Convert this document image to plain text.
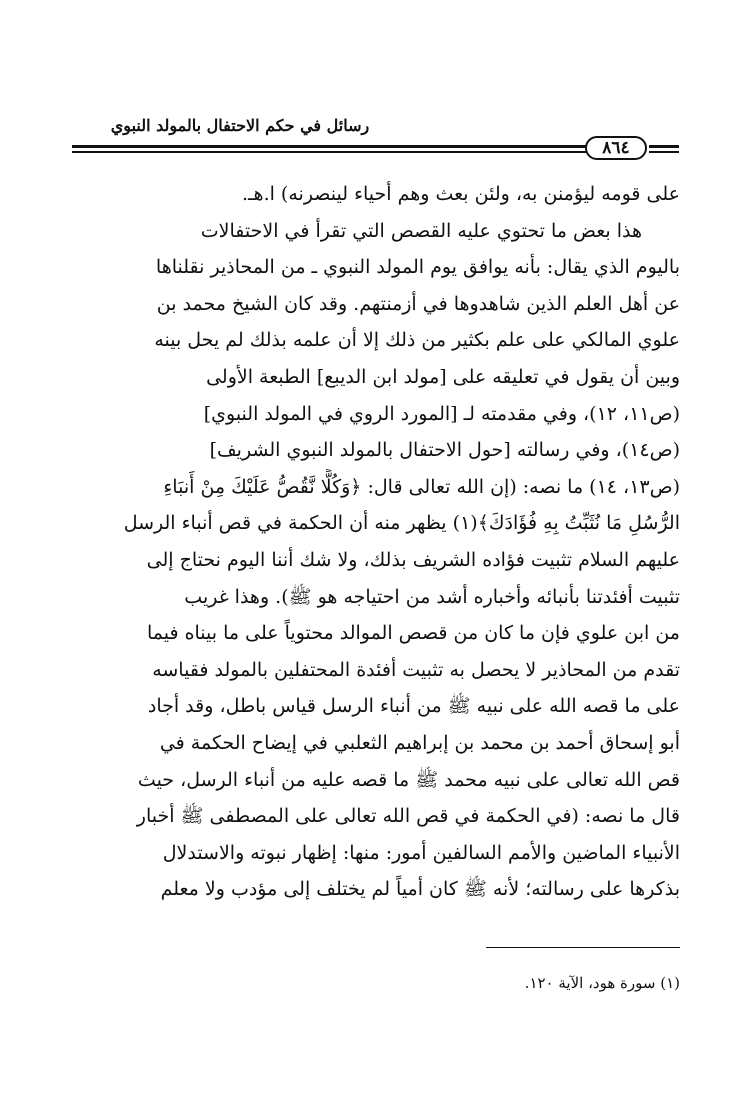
رسائل في حكم الاحتفال بالمولد النبوي
٨٦٤
على قومه ليؤمنن به، ولئن بعث وهم أحياء لينصرنه) ا.هـ.
هذا بعض ما تحتوي عليه القصص التي تقرأ في الاحتفالات
باليوم الذي يقال: بأنه يوافق يوم المولد النبوي ـ من المحاذير نقلناها
عن أهل العلم الذين شاهدوها في أزمنتهم. وقد كان الشيخ محمد بن
علوي المالكي على علم بكثير من ذلك إلا أن علمه بذلك لم يحل بينه
وبين أن يقول في تعليقه على [مولد ابن الديبع] الطبعة الأولى
(ص١١، ١٢)، وفي مقدمته لـ [المورد الروي في المولد النبوي]
(ص١٤)، وفي رسالته [حول الاحتفال بالمولد النبوي الشريف]
(ص١٣، ١٤) ما نصه: (إن الله تعالى قال: ﴿وَكُلًّا نَّقُصُّ عَلَيْكَ مِنْ أَنبَاءِ
الرُّسُلِ مَا نُثَبِّتُ بِهِ فُؤَادَكَ﴾(١) يظهر منه أن الحكمة في قص أنباء الرسل
عليهم السلام تثبيت فؤاده الشريف بذلك، ولا شك أننا اليوم نحتاج إلى
تثبيت أفئدتنا بأنبائه وأخباره أشد من احتياجه هو ﷺ). وهذا غريب
من ابن علوي فإن ما كان من قصص الموالد محتوياً على ما بيناه فيما
تقدم من المحاذير لا يحصل به تثبيت أفئدة المحتفلين بالمولد فقياسه
على ما قصه الله على نبيه ﷺ من أنباء الرسل قياس باطل، وقد أجاد
أبو إسحاق أحمد بن محمد بن إبراهيم الثعلبي في إيضاح الحكمة في
قص الله تعالى على نبيه محمد ﷺ ما قصه عليه من أنباء الرسل، حيث
قال ما نصه: (في الحكمة في قص الله تعالى على المصطفى ﷺ أخبار
الأنبياء الماضين والأمم السالفين أمور: منها: إظهار نبوته والاستدلال
بذكرها على رسالته؛ لأنه ﷺ كان أمياً لم يختلف إلى مؤدب ولا معلم
(١) سورة هود، الآية ١٢٠.
